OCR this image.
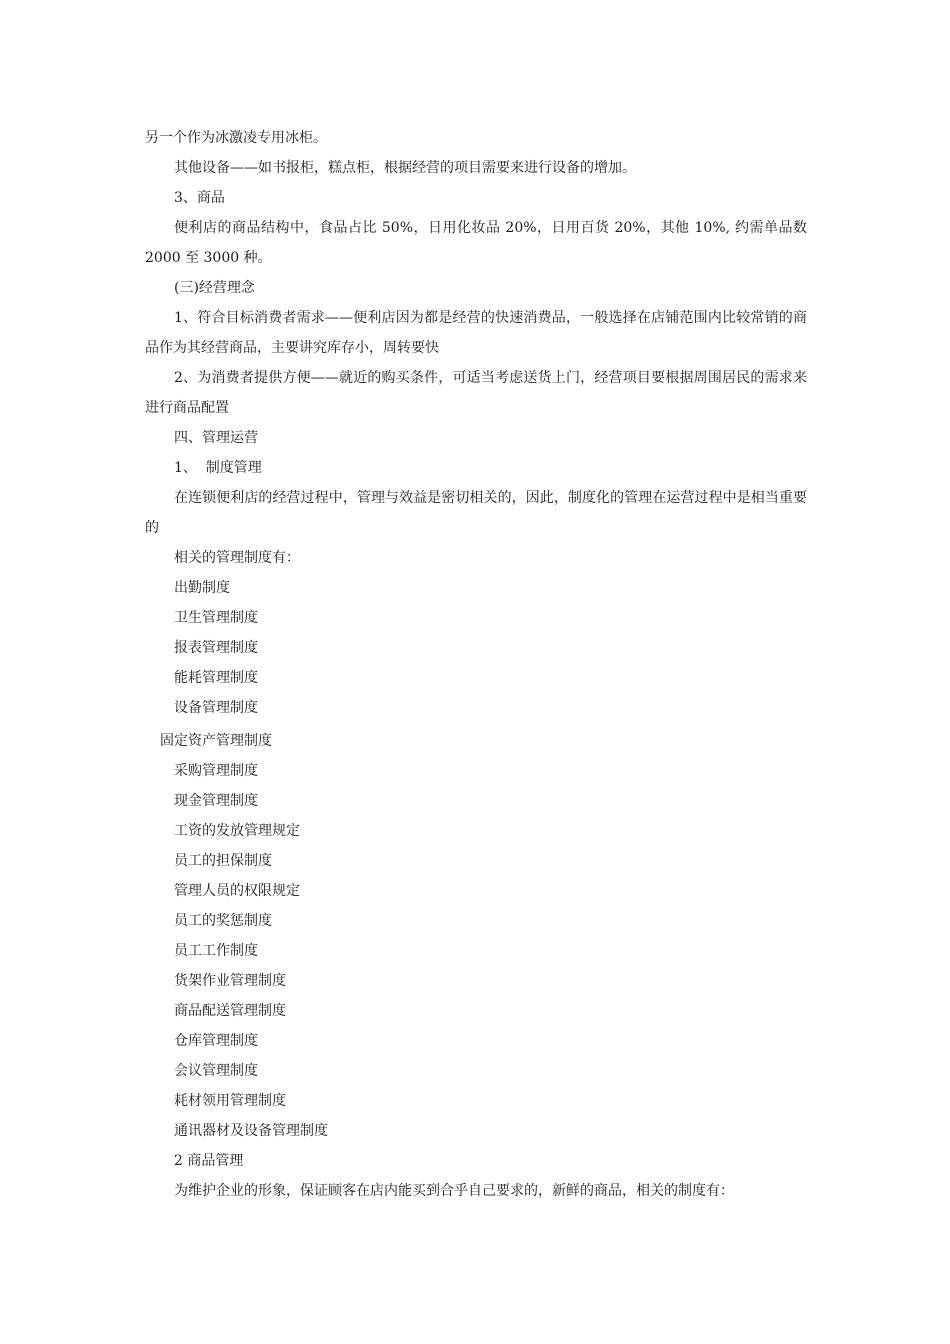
另一个作为冰激凌专用冰柜。

其他设备——如书报柜，糕点柜，根据经营的项目需要来进行设备的增加。

3、商品

便利店的商品结构中，食品占比 50%，日用化妆品 20%，日用百货 20%，其他 10%, 约需单品数 2000 至 3000 种。

(三)经营理念

1、符合目标消费者需求——便利店因为都是经营的快速消费品，一般选择在店铺范围内比较常销的商品作为其经营商品，主要讲究库存小，周转要快

2、为消费者提供方便——就近的购买条件，可适当考虑送货上门，经营项目要根据周围居民的需求来进行商品配置

四、管理运营

1、  制度管理

在连锁便利店的经营过程中，管理与效益是密切相关的，因此，制度化的管理在运营过程中是相当重要的

相关的管理制度有：

出勤制度

卫生管理制度

报表管理制度

能耗管理制度

设备管理制度

固定资产管理制度

采购管理制度

现金管理制度

工资的发放管理规定

员工的担保制度

管理人员的权限规定

员工的奖惩制度

员工工作制度

货架作业管理制度

商品配送管理制度

仓库管理制度

会议管理制度

耗材领用管理制度

通讯器材及设备管理制度

2 商品管理

为维护企业的形象，保证顾客在店内能买到合乎自己要求的，新鲜的商品，相关的制度有：
